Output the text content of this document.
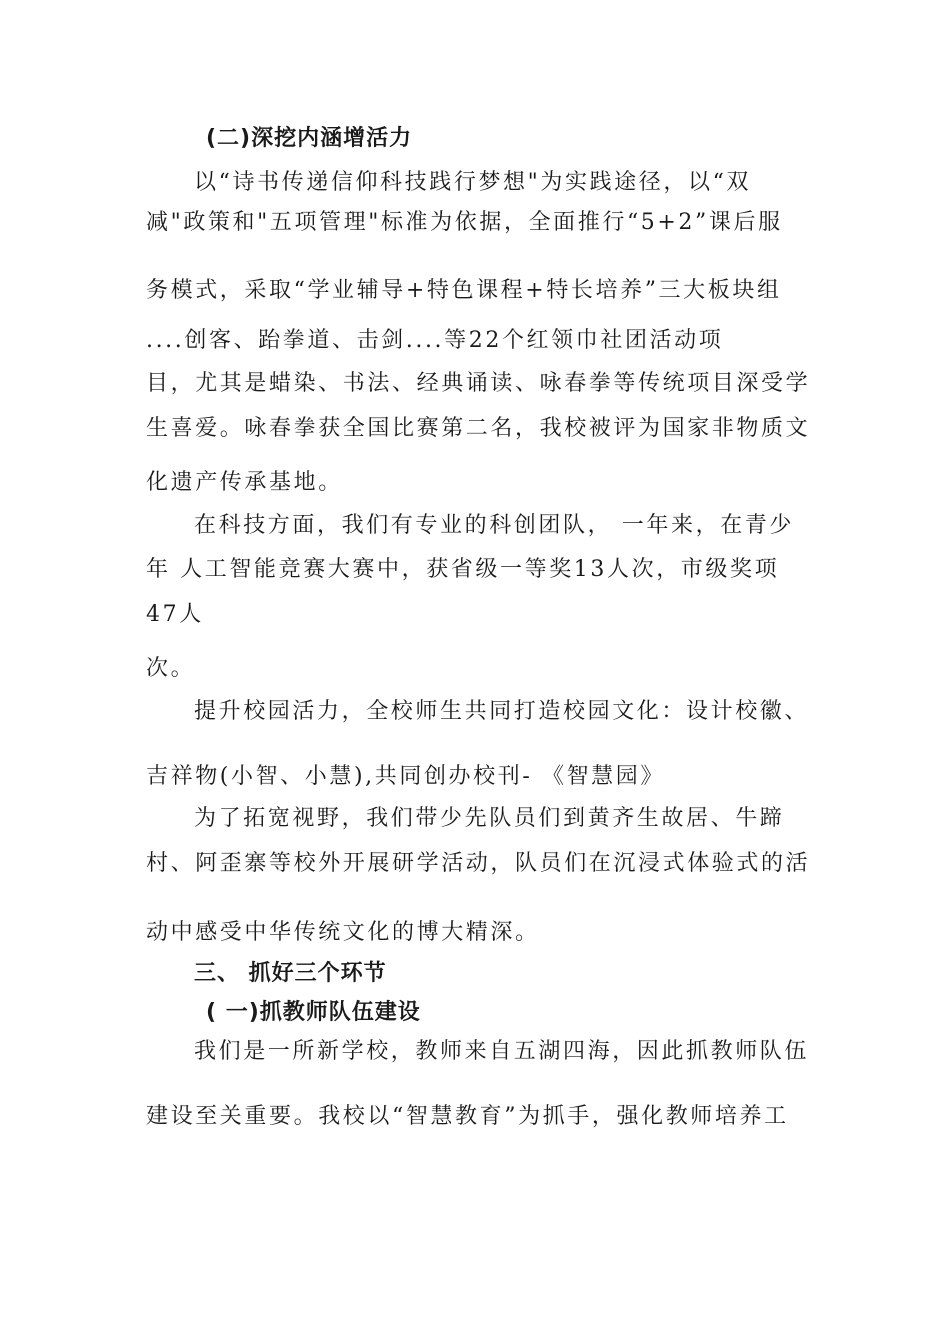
(二)深挖内涵增活力
以“诗书传递信仰科技践行梦想"为实践途径，以“双
减"政策和"五项管理"标准为依据，全面推行“5+2”课后服
务模式，采取“学业辅导+特色课程+特长培养”三大板块组
....创客、跆拳道、击剑....等22个红领巾社团活动项
目，尤其是蜡染、书法、经典诵读、咏春拳等传统项目深受学
生喜爱。咏春拳获全国比赛第二名，我校被评为国家非物质文
化遗产传承基地。
在科技方面，我们有专业的科创团队， 一年来，在青少
年 人工智能竞赛大赛中，获省级一等奖13人次，市级奖项
47人
次。
提升校园活力，全校师生共同打造校园文化：设计校徽、
吉祥物(小智、小慧),共同创办校刊- 《智慧园》
为了拓宽视野，我们带少先队员们到黄齐生故居、牛蹄
村、阿歪寨等校外开展研学活动，队员们在沉浸式体验式的活
动中感受中华传统文化的博大精深。
三、 抓好三个环节
( 一)抓教师队伍建设
我们是一所新学校，教师来自五湖四海，因此抓教师队伍
建设至关重要。我校以“智慧教育”为抓手，强化教师培养工
